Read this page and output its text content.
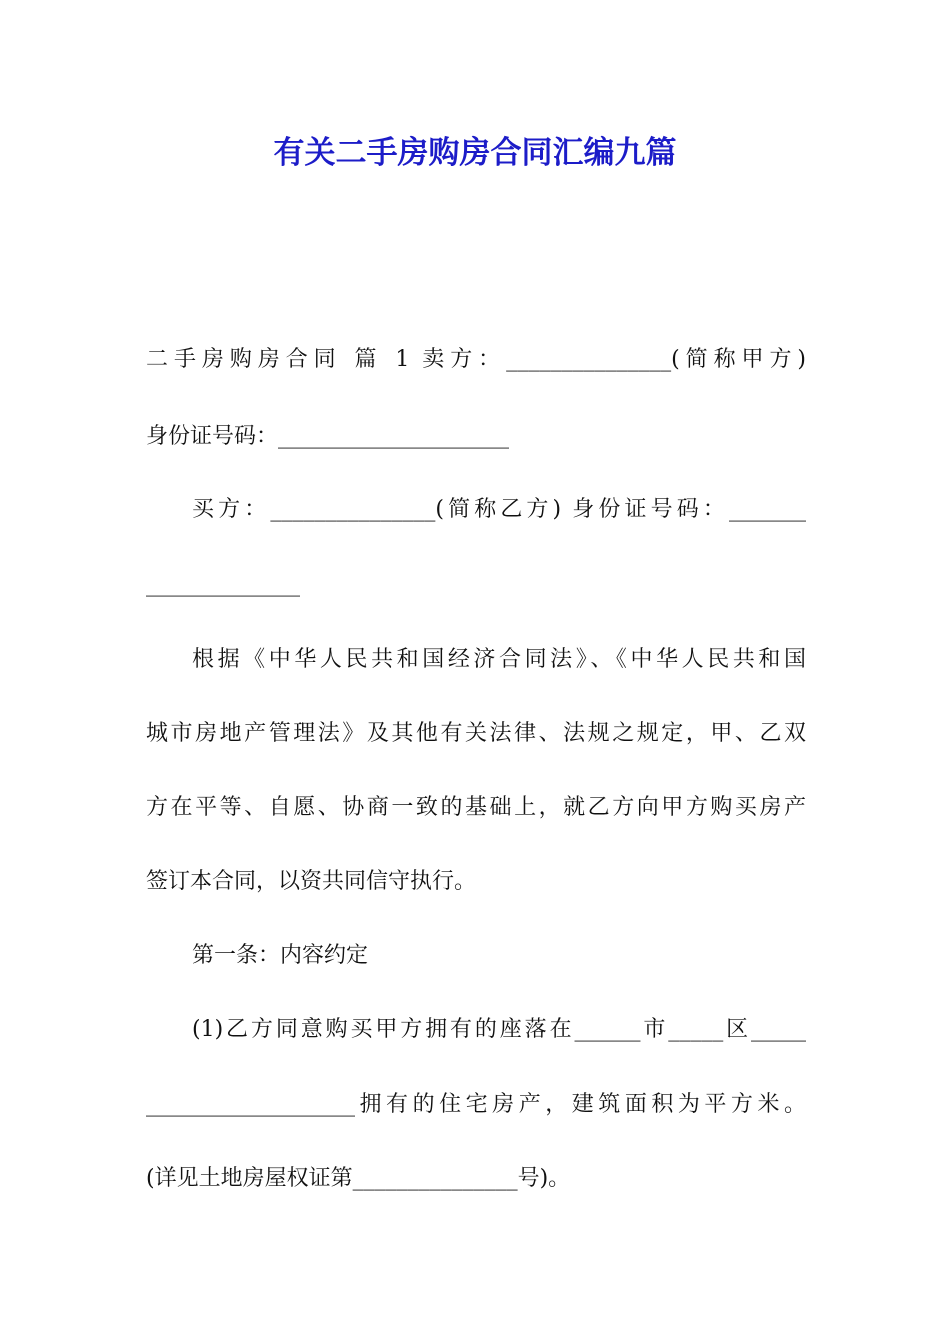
有关二手房购房合同汇编九篇

二手房购房合同 篇 1 卖方：_______________(简称甲方)

身份证号码：_____________________

买方：_______________(简称乙方) 身份证号码：_______

______________

根据《中华人民共和国经济合同法》、《中华人民共和国

城市房地产管理法》及其他有关法律、法规之规定，甲、乙双

方在平等、自愿、协商一致的基础上，就乙方向甲方购买房产

签订本合同，以资共同信守执行。

第一条：内容约定

(1)乙方同意购买甲方拥有的座落在______市_____区_____

___________________拥有的住宅房产，建筑面积为平方米。

(详见土地房屋权证第_______________号)。
